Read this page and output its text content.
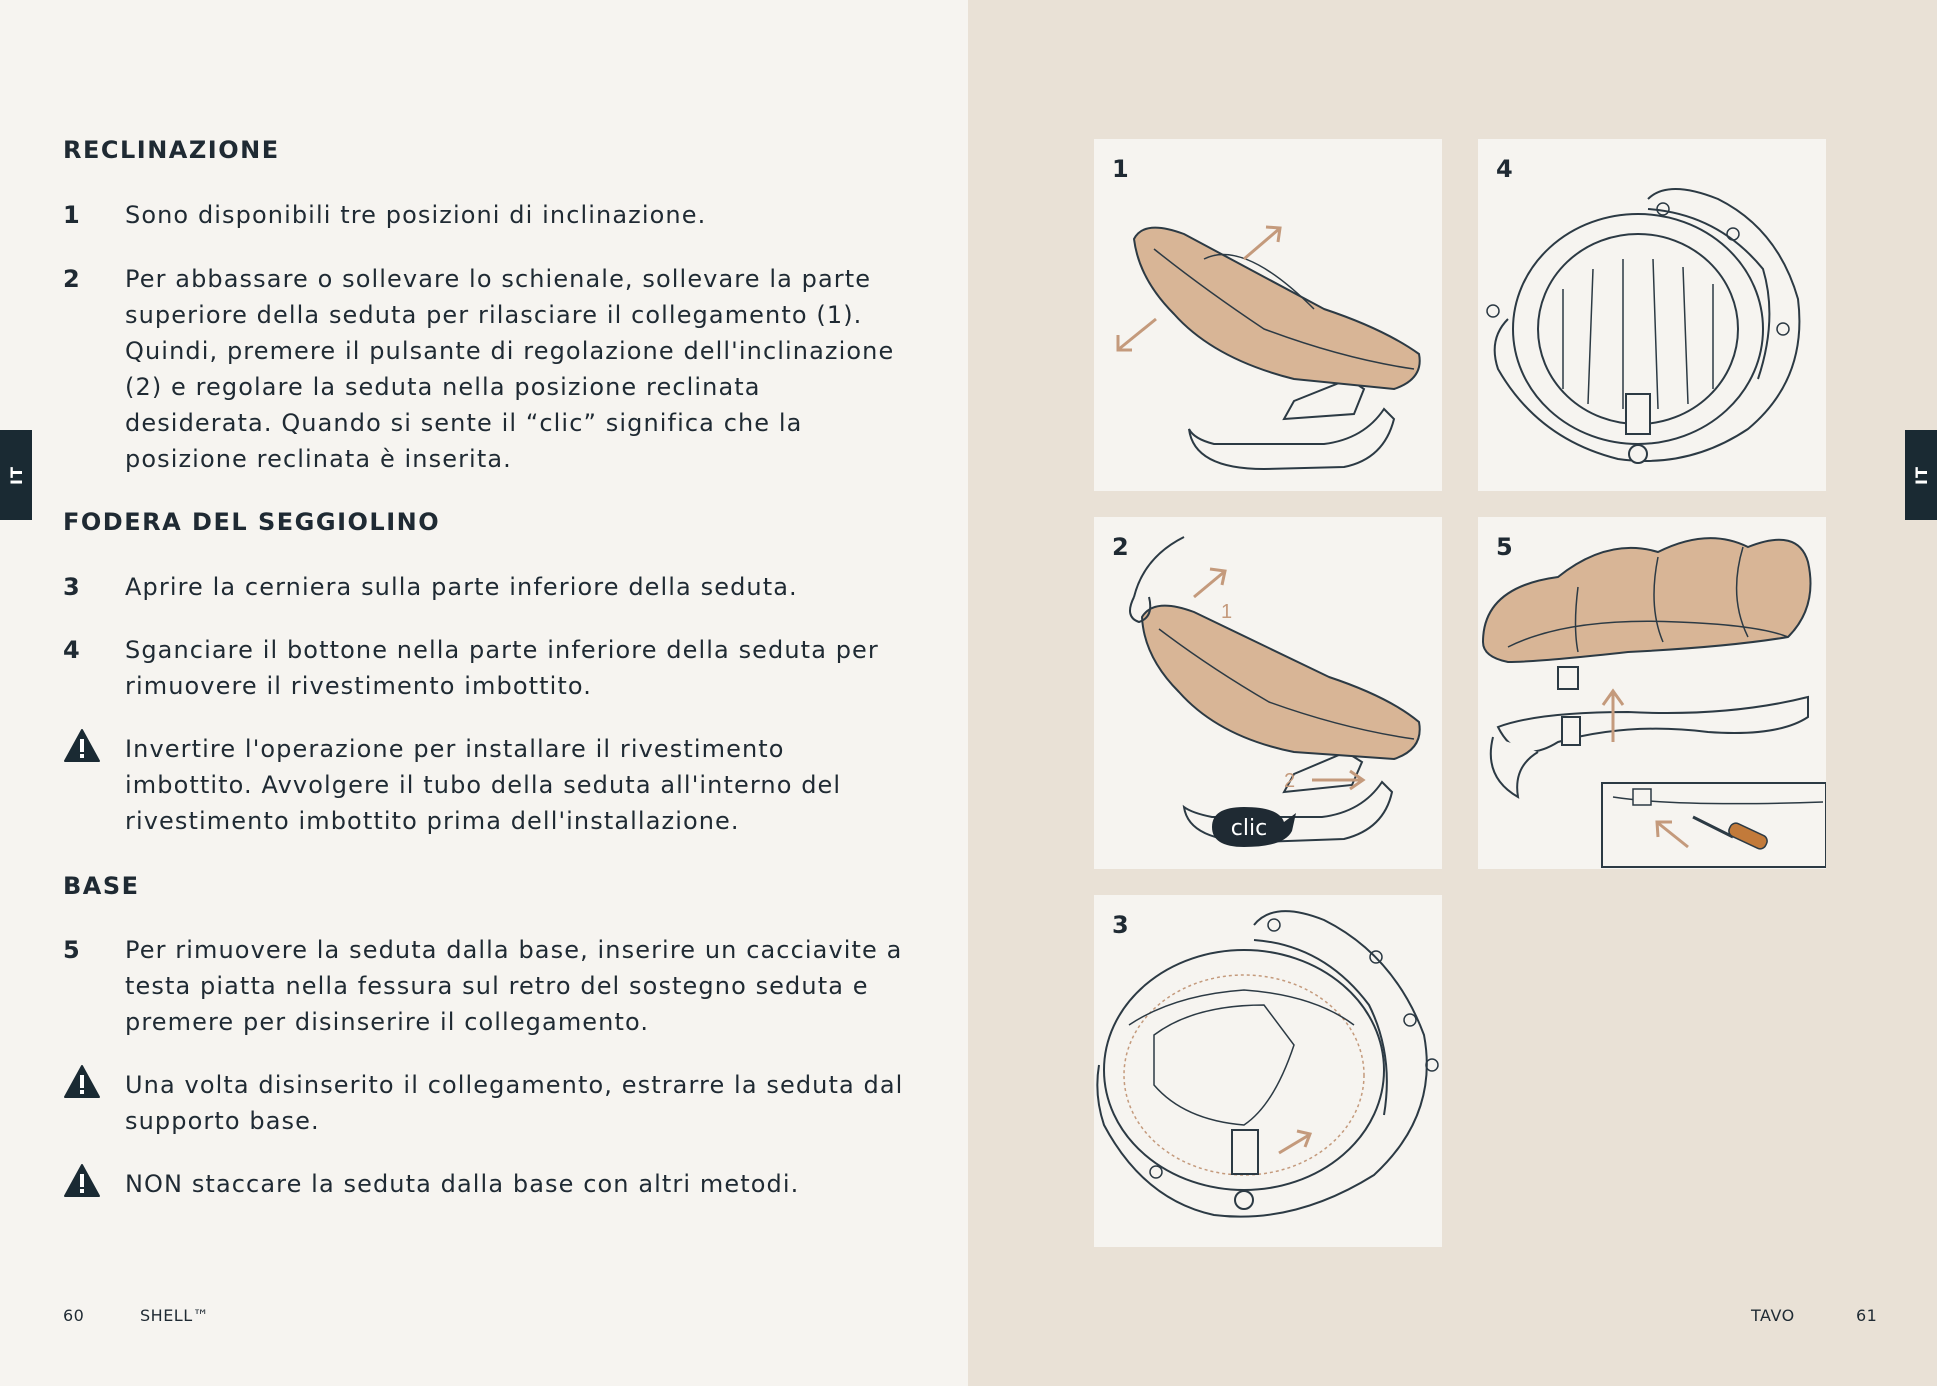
IT
RECLINAZIONE
1 Sono disponibili tre posizioni di inclinazione.
2 Per abbassare o sollevare lo schienale, sollevare la parte superiore della seduta per rilasciare il collegamento (1). Quindi, premere il pulsante di regolazione dell'inclinazione (2) e regolare la seduta nella posizione reclinata desiderata. Quando si sente il “clic” significa che la posizione reclinata è inserita.
FODERA DEL SEGGIOLINO
3 Aprire la cerniera sulla parte inferiore della seduta.
4 Sganciare il bottone nella parte inferiore della seduta per rimuovere il rivestimento imbottito.
Invertire l'operazione per installare il rivestimento imbottito. Avvolgere il tubo della seduta all'interno del rivestimento imbottito prima dell'installazione.
BASE
5 Per rimuovere la seduta dalla base, inserire un cacciavite a testa piatta nella fessura sul retro del sostegno seduta e premere per disinserire il collegamento.
Una volta disinserito il collegamento, estrarre la seduta dal supporto base.
NON staccare la seduta dalla base con altri metodi.
60	SHELL™
IT
1	4
1
2
clic
2	5
3
TAVO	61
